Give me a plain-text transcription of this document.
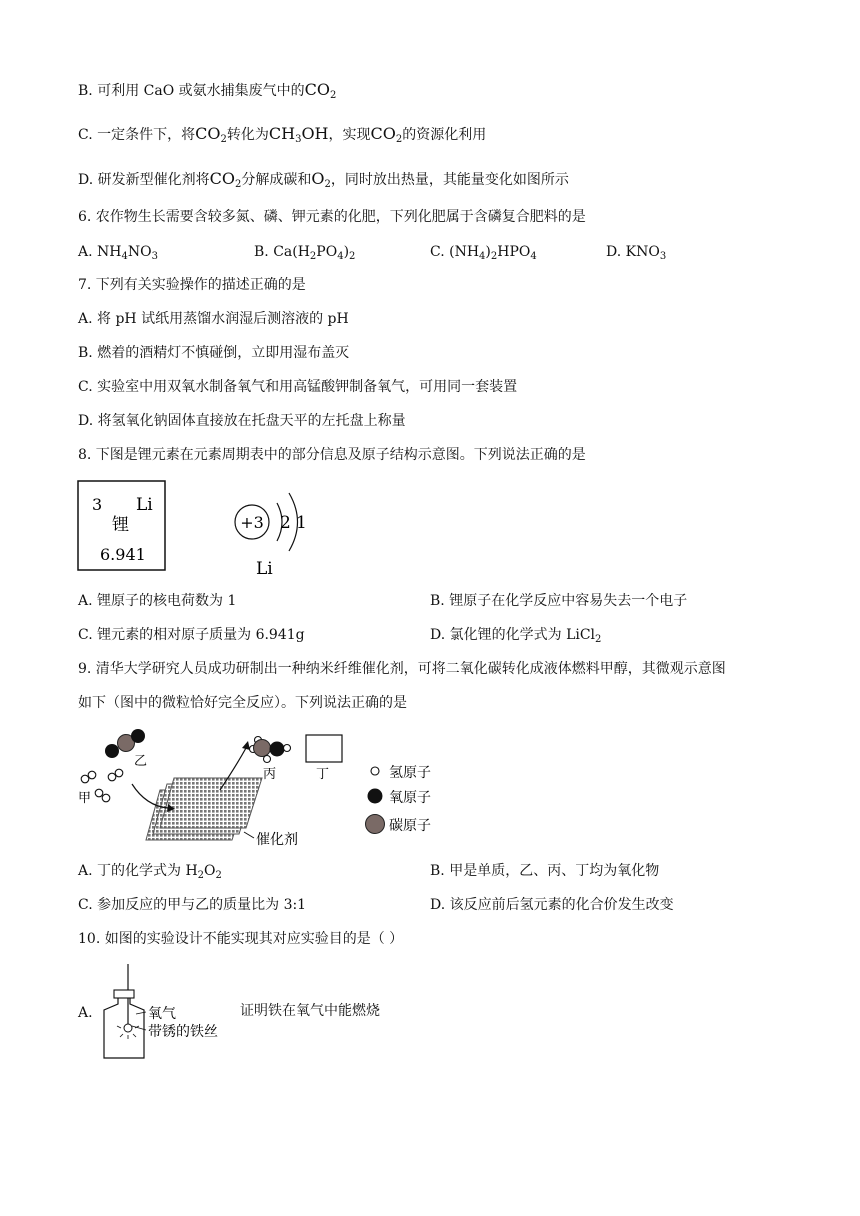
B. 可利用 CaO 或氨水捕集废气中的$CO_2$
C. 一定条件下，将$CO_2$转化为$CH_3OH$，实现$CO_2$的资源化利用
D. 研发新型催化剂将$CO_2$分解成碳和$O_2$，同时放出热量，其能量变化如图所示
6. 农作物生长需要含较多氮、磷、钾元素的化肥，下列化肥属于含磷复合肥料的是
A. $NH_4NO_3$	B. $Ca(H_2PO_4)_2$	C. $(NH_4)_2HPO_4$	D. $KNO_3$
7. 下列有关实验操作的描述正确的是
A. 将 pH 试纸用蒸馏水润湿后测溶液的 pH
B. 燃着的酒精灯不慎碰倒，立即用湿布盖灭
C. 实验室中用双氧水制备氧气和用高锰酸钾制备氧气，可用同一套装置
D. 将氢氧化钠固体直接放在托盘天平的左托盘上称量
8. 下图是锂元素在元素周期表中的部分信息及原子结构示意图。下列说法正确的是
3 Li
锂
6.941
+3 2 1
Li
A. 锂原子的核电荷数为 1	B. 锂原子在化学反应中容易失去一个电子
C. 锂元素的相对原子质量为 6.941g	D. 氯化锂的化学式为 LiCl$_2$
9. 清华大学研究人员成功研制出一种纳米纤维催化剂，可将二氧化碳转化成液体燃料甲醇，其微观示意图
如下（图中的微粒恰好完全反应）。下列说法正确的是
乙
甲
催化剂
丙	丁	氢原子
氧原子
碳原子
A. 丁的化学式为 $H_2O_2$	B. 甲是单质，乙、丙、丁均为氧化物
C. 参加反应的甲与乙的质量比为 3:1	D. 该反应前后氢元素的化合价发生改变
10. 如图的实验设计不能实现其对应实验目的是（ ）
A.	氧气
带锈的铁丝
证明铁在氧气中能燃烧
